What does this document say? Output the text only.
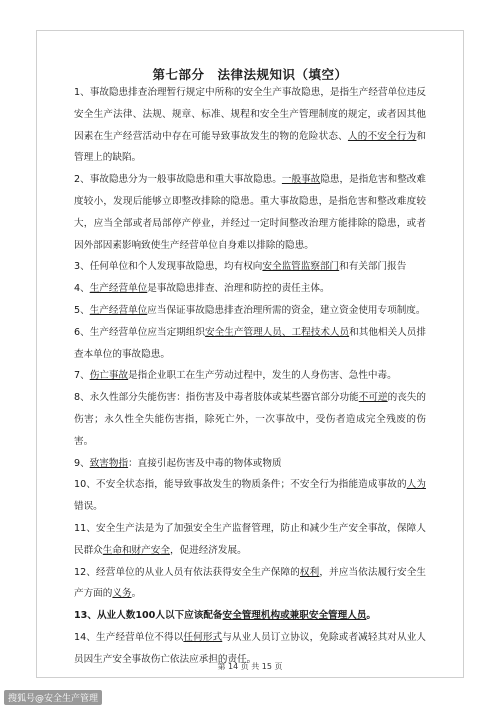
第七部分　法律法规知识（填空）

1、事故隐患排查治理暂行规定中所称的安全生产事故隐患，是指生产经营单位违反安全生产法律、法规、规章、标准、规程和安全生产管理制度的规定，或者因其他因素在生产经营活动中存在可能导致事故发生的物的危险状态、人的不安全行为和管理上的缺陷。

2、事故隐患分为一般事故隐患和重大事故隐患。一般事故隐患，是指危害和整改难度较小，发现后能够立即整改排除的隐患。重大事故隐患，是指危害和整改难度较大，应当全部或者局部停产停业，并经过一定时间整改治理方能排除的隐患，或者因外部因素影响致使生产经营单位自身难以排除的隐患。

3、任何单位和个人发现事故隐患，均有权向安全监管监察部门和有关部门报告

4、生产经营单位是事故隐患排查、治理和防控的责任主体。

5、生产经营单位应当保证事故隐患排查治理所需的资金，建立资金使用专项制度。

6、生产经营单位应当定期组织安全生产管理人员、工程技术人员和其他相关人员排查本单位的事故隐患。

7、伤亡事故是指企业职工在生产劳动过程中，发生的人身伤害、急性中毒。

8、永久性部分失能伤害：指伤害及中毒者肢体或某些器官部分功能不可逆的丧失的伤害；永久性全失能伤害指，除死亡外，一次事故中，受伤者造成完全残废的伤害。

9、致害物指：直接引起伤害及中毒的物体或物质

10、不安全状态指，能导致事故发生的物质条件；不安全行为指能造成事故的人为错误。

11、安全生产法是为了加强安全生产监督管理，防止和减少生产安全事故，保障人民群众生命和财产安全，促进经济发展。

12、经营单位的从业人员有依法获得安全生产保障的权利，并应当依法履行安全生产方面的义务。

13、从业人数100人以下应该配备安全管理机构或兼职安全管理人员。

14、生产经营单位不得以任何形式与从业人员订立协议，免除或者减轻其对从业人员因生产安全事故伤亡依法应承担的责任。

第 14 页 共 15 页
搜狐号@安全生产管理
